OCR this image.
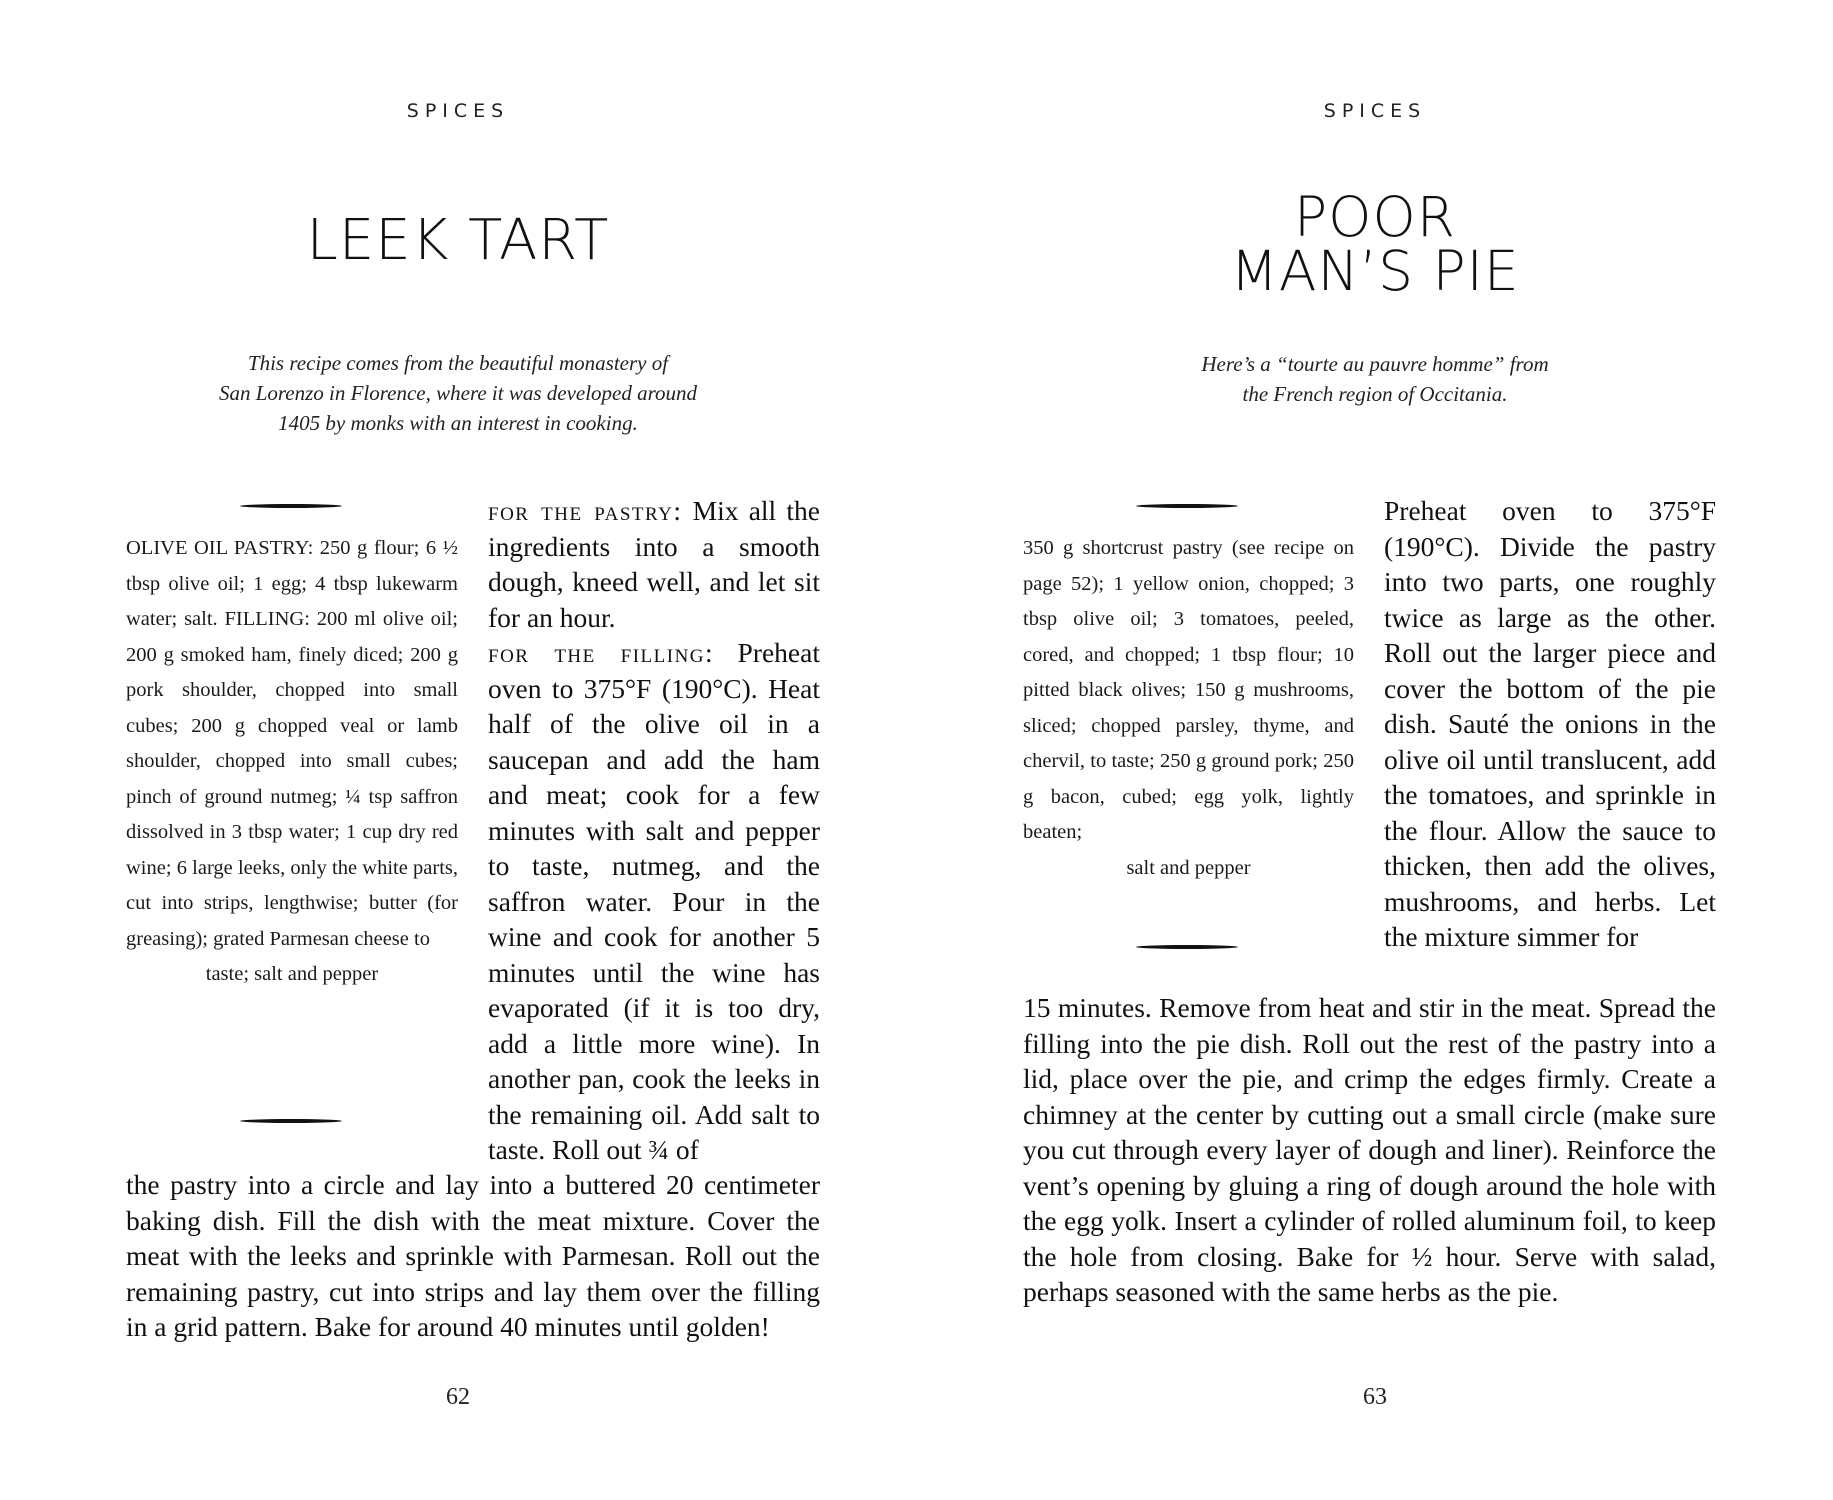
SPICES
LEEK TART
This recipe comes from the beautiful monastery of
San Lorenzo in Florence, where it was developed around
1405 by monks with an interest in cooking.
OLIVE OIL PASTRY: 250 g flour; 6 ½ tbsp olive oil; 1 egg; 4 tbsp lukewarm water; salt. FILLING: 200 ml olive oil; 200 g smoked ham, finely diced; 200 g pork shoulder, chopped into small cubes; 200 g chopped veal or lamb shoulder, chopped into small cubes; pinch of ground nutmeg; ¼ tsp saffron dissolved in 3 tbsp water; 1 cup dry red wine; 6 large leeks, only the white parts, cut into strips, lengthwise; butter (for greasing); grated Parmesan cheese to
taste; salt and pepper
for the pastry: Mix all the ingredients into a smooth dough, kneed well, and let sit for an hour.
for the filling: Preheat oven to 375°F (190°C). Heat half of the olive oil in a saucepan and add the ham and meat; cook for a few minutes with salt and pepper to taste, nutmeg, and the saffron water. Pour in the wine and cook for another 5 minutes until the wine has evaporated (if it is too dry, add a little more wine). In another pan, cook the leeks in the remaining oil. Add salt to taste. Roll out ¾ of
the pastry into a circle and lay into a buttered 20 centimeter baking dish. Fill the dish with the meat mixture. Cover the meat with the leeks and sprinkle with Parmesan. Roll out the remaining pastry, cut into strips and lay them over the filling in a grid pattern. Bake for around 40 minutes until golden!
62
SPICES
POOR
MAN’S PIE
Here’s a “tourte au pauvre homme” from
the French region of Occitania.
350 g shortcrust pastry (see recipe on page 52); 1 yellow onion, chopped; 3 tbsp olive oil; 3 tomatoes, peeled, cored, and chopped; 1 tbsp flour; 10 pitted black olives; 150 g mushrooms, sliced; chopped parsley, thyme, and chervil, to taste; 250 g ground pork; 250 g bacon, cubed; egg yolk, lightly beaten;
salt and pepper
Preheat oven to 375°F (190°C). Divide the pastry into two parts, one roughly twice as large as the other. Roll out the larger piece and cover the bottom of the pie dish. Sauté the onions in the olive oil until translucent, add the tomatoes, and sprinkle in the flour. Allow the sauce to thicken, then add the olives, mushrooms, and herbs. Let the mixture simmer for
15 minutes. Remove from heat and stir in the meat. Spread the filling into the pie dish. Roll out the rest of the pastry into a lid, place over the pie, and crimp the edges firmly. Create a chimney at the center by cutting out a small circle (make sure you cut through every layer of dough and liner). Reinforce the vent’s opening by gluing a ring of dough around the hole with the egg yolk. Insert a cylinder of rolled aluminum foil, to keep the hole from closing. Bake for ½ hour. Serve with salad, perhaps seasoned with the same herbs as the pie.
63
